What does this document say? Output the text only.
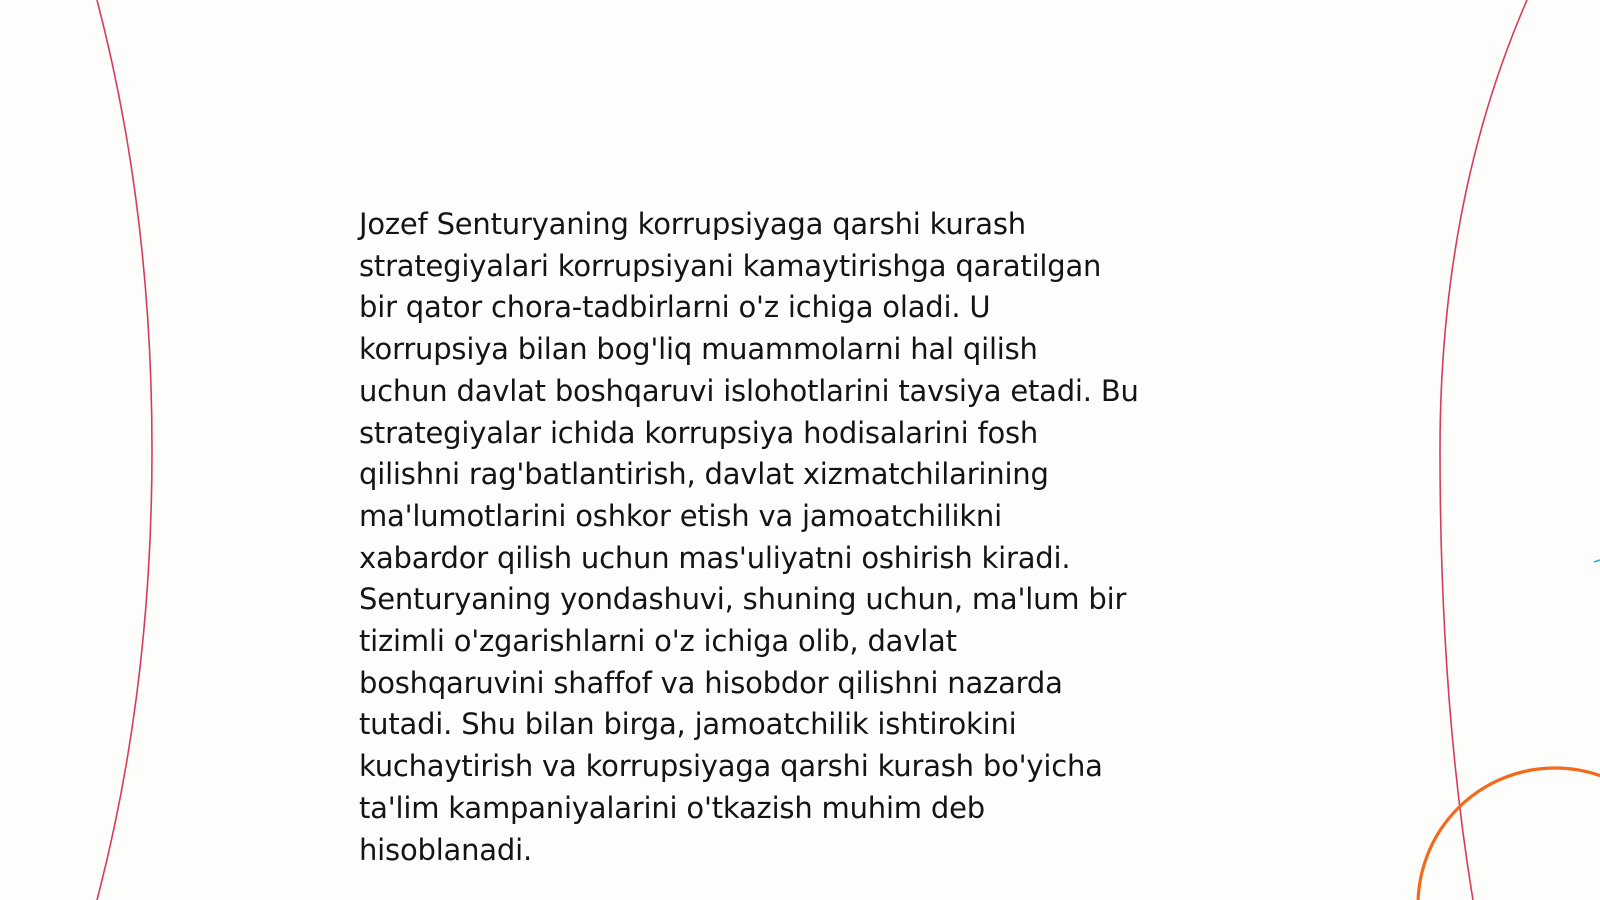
Jozef Senturyaning korrupsiyaga qarshi kurash
strategiyalari korrupsiyani kamaytirishga qaratilgan
bir qator chora-tadbirlarni o'z ichiga oladi. U
korrupsiya bilan bog'liq muammolarni hal qilish
uchun davlat boshqaruvi islohotlarini tavsiya etadi. Bu
strategiyalar ichida korrupsiya hodisalarini fosh
qilishni rag'batlantirish, davlat xizmatchilarining
ma'lumotlarini oshkor etish va jamoatchilikni
xabardor qilish uchun mas'uliyatni oshirish kiradi.
Senturyaning yondashuvi, shuning uchun, ma'lum bir
tizimli o'zgarishlarni o'z ichiga olib, davlat
boshqaruvini shaffof va hisobdor qilishni nazarda
tutadi. Shu bilan birga, jamoatchilik ishtirokini
kuchaytirish va korrupsiyaga qarshi kurash bo'yicha
ta'lim kampaniyalarini o'tkazish muhim deb
hisoblanadi.
